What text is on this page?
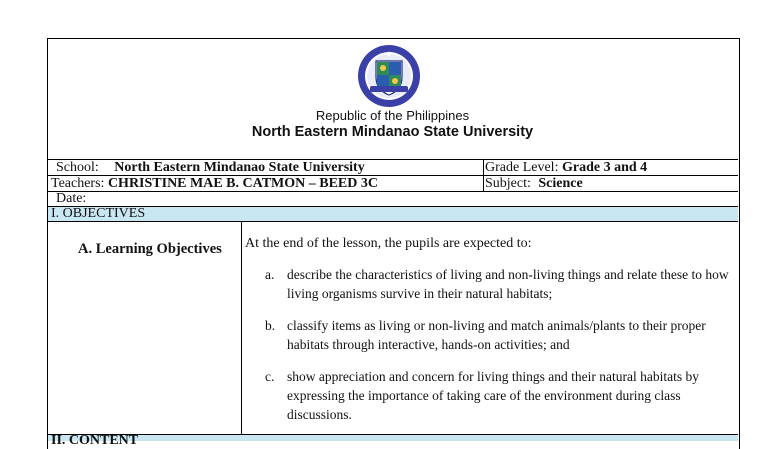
Republic of the Philippines
North Eastern Mindanao State University
School: North Eastern Mindanao State University	Grade Level: Grade 3 and 4
Teachers: CHRISTINE MAE B. CATMON – BEED 3C	Subject: Science
Date:
I. OBJECTIVES
A. Learning Objectives At the end of the lesson, the pupils are expected to:
a. describe the characteristics of living and non-living things and relate these to how living organisms survive in their natural habitats;
b. classify items as living or non-living and match animals/plants to their proper habitats through interactive, hands-on activities; and
c. show appreciation and concern for living things and their natural habitats by expressing the importance of taking care of the environment during class discussions.
II. CONTENT
